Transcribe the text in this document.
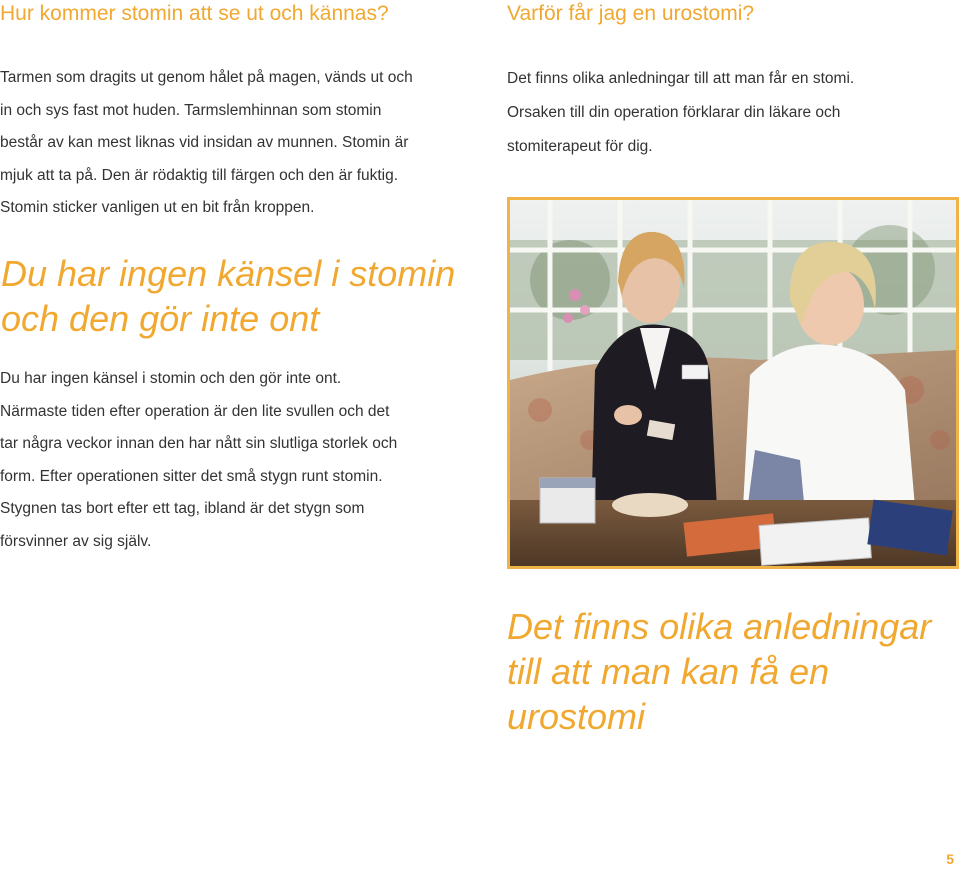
Hur kommer stomin att se ut och kännas?

Tarmen som dragits ut genom hålet på magen, vänds ut och

in och sys fast mot huden. Tarmslemhinnan som stomin

består av kan mest liknas vid insidan av munnen. Stomin är

mjuk att ta på. Den är rödaktig till färgen och den är fuktig.

Stomin sticker vanligen ut en bit från kroppen.

Du har ingen känsel i stomin

och den gör inte ont

Du har ingen känsel i stomin och den gör inte ont.

Närmaste tiden efter operation är den lite svullen och det

tar några veckor innan den har nått sin slutliga storlek och

form. Efter operationen sitter det små stygn runt stomin.

Stygnen tas bort efter ett tag, ibland är det stygn som

försvinner av sig själv.

Varför får jag en urostomi?

Det finns olika anledningar till att man får en stomi.

Orsaken till din operation förklarar din läkare och

stomiterapeut för dig.

Det finns olika anledningar

till att man kan få en

urostomi

5
